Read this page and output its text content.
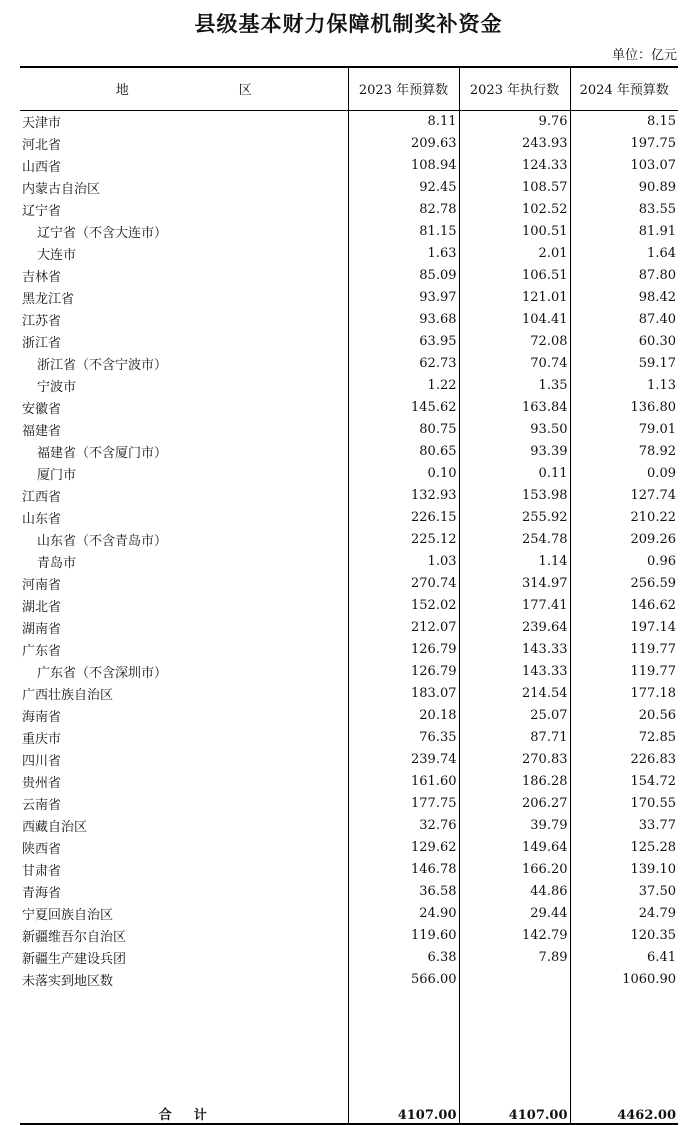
县级基本财力保障机制奖补资金
单位：亿元
地　　区	2023 年预算数	2023 年执行数	2024 年预算数
天津市	8.11	9.76	8.15
河北省	209.63	243.93	197.75
山西省	108.94	124.33	103.07
内蒙古自治区	92.45	108.57	90.89
辽宁省	82.78	102.52	83.55
辽宁省（不含大连市）	81.15	100.51	81.91
大连市	1.63	2.01	1.64
吉林省	85.09	106.51	87.80
黑龙江省	93.97	121.01	98.42
江苏省	93.68	104.41	87.40
浙江省	63.95	72.08	60.30
浙江省（不含宁波市）	62.73	70.74	59.17
宁波市	1.22	1.35	1.13
安徽省	145.62	163.84	136.80
福建省	80.75	93.50	79.01
福建省（不含厦门市）	80.65	93.39	78.92
厦门市	0.10	0.11	0.09
江西省	132.93	153.98	127.74
山东省	226.15	255.92	210.22
山东省（不含青岛市）	225.12	254.78	209.26
青岛市	1.03	1.14	0.96
河南省	270.74	314.97	256.59
湖北省	152.02	177.41	146.62
湖南省	212.07	239.64	197.14
广东省	126.79	143.33	119.77
广东省（不含深圳市）	126.79	143.33	119.77
广西壮族自治区	183.07	214.54	177.18
海南省	20.18	25.07	20.56
重庆市	76.35	87.71	72.85
四川省	239.74	270.83	226.83
贵州省	161.60	186.28	154.72
云南省	177.75	206.27	170.55
西藏自治区	32.76	39.79	33.77
陕西省	129.62	149.64	125.28
甘肃省	146.78	166.20	139.10
青海省	36.58	44.86	37.50
宁夏回族自治区	24.90	29.44	24.79
新疆维吾尔自治区	119.60	142.79	120.35
新疆生产建设兵团	6.38	7.89	6.41
未落实到地区数	566.00		1060.90

合计	4107.00	4107.00	4462.00
